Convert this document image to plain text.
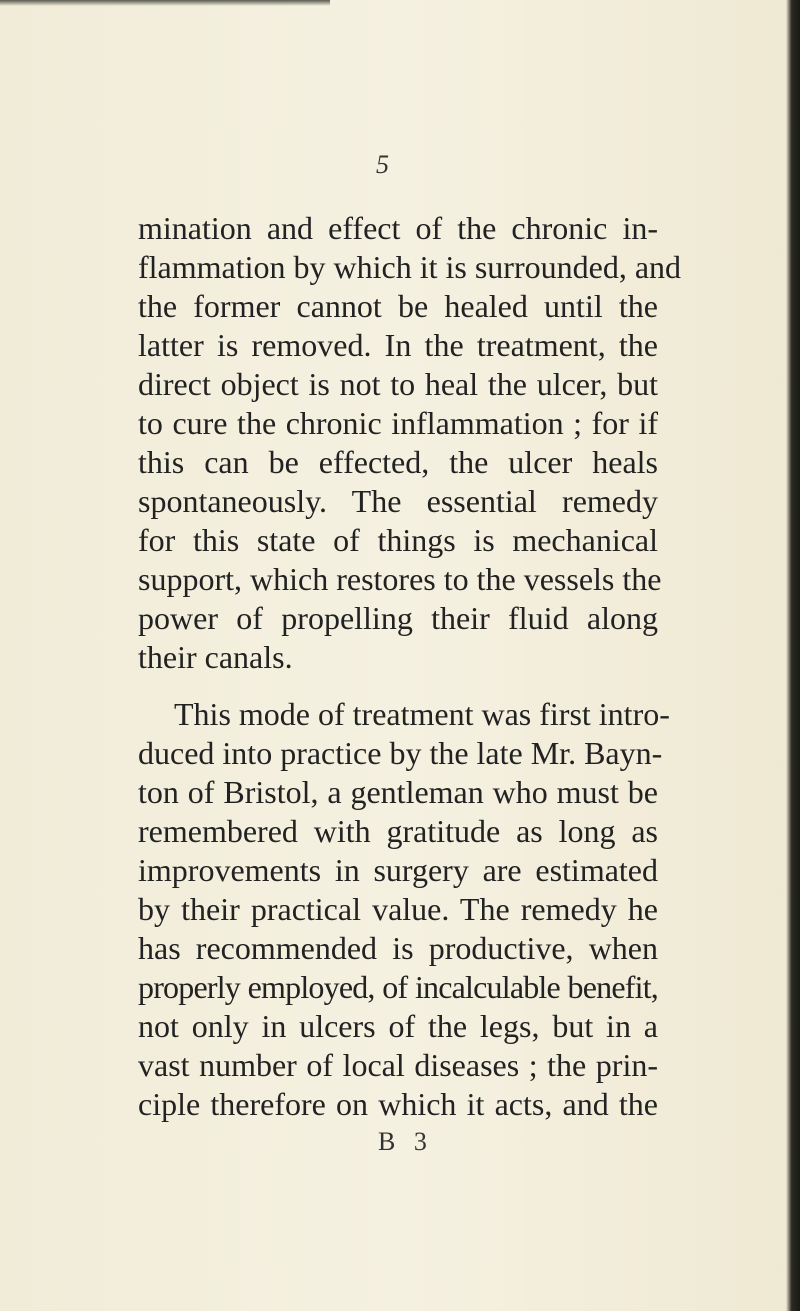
5
mination and effect of the chronic in-
flammation by which it is surrounded, and
the former cannot be healed until the
latter is removed. In the treatment, the
direct object is not to heal the ulcer, but
to cure the chronic inflammation ; for if
this can be effected, the ulcer heals
spontaneously. The essential remedy
for this state of things is mechanical
support, which restores to the vessels the
power of propelling their fluid along
their canals.
This mode of treatment was first intro-
duced into practice by the late Mr. Bayn-
ton of Bristol, a gentleman who must be
remembered with gratitude as long as
improvements in surgery are estimated
by their practical value. The remedy he
has recommended is productive, when
properly employed, of incalculable benefit,
not only in ulcers of the legs, but in a
vast number of local diseases ; the prin-
ciple therefore on which it acts, and the
B 3
